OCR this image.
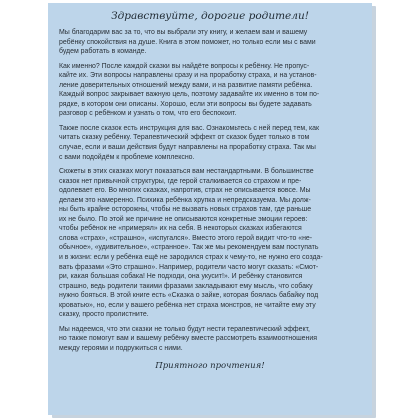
Здравствуйте, дорогие родители!
Мы благодарим вас за то, что вы выбрали эту книгу, и желаем вам и вашему
ребёнку спокойствия на душе. Книга в этом поможет, но только если мы с вами
будем работать в команде.
Как именно? После каждой сказки вы найдёте вопросы к ребёнку. Не пропус-
кайте их. Эти вопросы направлены сразу и на проработку страха, и на установ-
ление доверительных отношений между вами, и на развитие памяти ребёнка.
Каждый вопрос закрывает важную цель, поэтому задавайте их именно в том по-
рядке, в котором они описаны. Хорошо, если эти вопросы вы будете задавать
разговор с ребёнком и узнать о том, что его беспокоит.
Также после сказок есть инструкция для вас. Ознакомьтесь с ней перед тем, как
читать сказку ребёнку. Терапевтический эффект от сказок будет только в том
случае, если и ваши действия будут направлены на проработку страха. Так мы
с вами подойдём к проблеме комплексно.
Сюжеты в этих сказках могут показаться вам нестандартными. В большинстве
сказок нет привычной структуры, где герой сталкивается со страхом и пре-
одолевает его. Во многих сказках, напротив, страх не описывается вовсе. Мы
делаем это намеренно. Психика ребёнка хрупка и непредсказуема. Мы долж-
ны быть крайне осторожны, чтобы не вызвать новых страхов там, где раньше
их не было. По этой же причине не описываются конкретные эмоции героев:
чтобы ребёнок не «примерял» их на себя. В некоторых сказках избегаются
слова «страх», «страшно», «испугался». Вместо этого герой видит что-то «не-
обычное», «удивительное», «странное». Так же мы рекомендуем вам поступать
и в жизни: если у ребёнка ещё не зародился страх к чему-то, не нужно его созда-
вать фразами «Это страшно». Например, родители часто могут сказать: «Смот-
ри, какая большая собака! Не подходи, она укусит!». И ребёнку становится
страшно, ведь родители такими фразами закладывают ему мысль, что собаку
нужно бояться. В этой книге есть «Сказка о зайке, которая боялась бабайку под
кроватью», но, если у вашего ребёнка нет страха монстров, не читайте ему эту
сказку, просто пролистните.
Мы надеемся, что эти сказки не только будут нести терапевтический эффект,
но также помогут вам и вашему ребёнку вместе рассмотреть взаимоотношения
между героями и подружиться с ними.
Приятного прочтения!
